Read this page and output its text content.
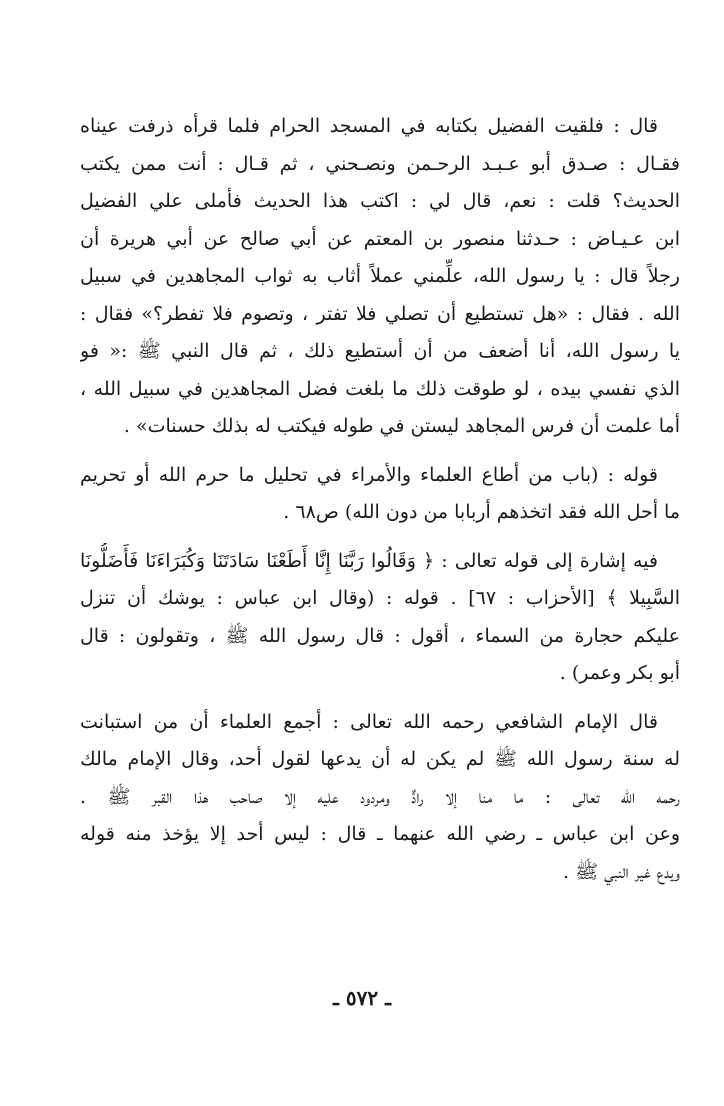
قال : فلقيت الفضيل بكتابه في المسجد الحرام فلما قرأه ذرفت عيناه
فقـال : صـدق أبو عـبـد الرحـمن ونصـحني ، ثم قـال : أنت ممن يكتب
الحديث؟ قلت : نعم، قال لي : اكتب هذا الحديث فأملى علي الفضيل
ابن عـيـاض : حـدثنا منصور بن المعتم عن أبي صالح عن أبي هريرة أن
رجلاً قال : يا رسول الله، علِّمني عملاً أثاب به ثواب المجاهدين في سبيل
الله . فقال : «هل تستطيع أن تصلي فلا تفتر ، وتصوم فلا تفطر؟» فقال :
يا رسول الله، أنا أضعف من أن أستطيع ذلك ، ثم قال النبي ﷺ :« فو
الذي نفسي بيده ، لو طوقت ذلك ما بلغت فضل المجاهدين في سبيل الله ،
أما علمت أن فرس المجاهد ليستن في طوله فيكتب له بذلك حسنات» .
قوله : (باب من أطاع العلماء والأمراء في تحليل ما حرم الله أو تحريم
ما أحل الله فقد اتخذهم أربابا من دون الله) ص٦٨ .
فيه إشارة إلى قوله تعالى : ﴿ وَقَالُوا رَبَّنَا إِنَّا أَطَعْنَا سَادَتَنَا وَكُبَرَاءَنَا فَأَضَلُّونَا
السَّبِيلا ﴾ [الأحزاب : ٦٧] . قوله : (وقال ابن عباس : يوشك أن تنزل
عليكم حجارة من السماء ، أقول : قال رسول الله ﷺ ، وتقولون : قال
أبو بكر وعمر) .
قال الإمام الشافعي رحمه الله تعالى : أجمع العلماء أن من استبانت
له سنة رسول الله ﷺ لم يكن له أن يدعها لقول أحد، وقال الإمام مالك
رحمه الله تعالى : ما منا إلا رادٌّ ومردود عليه إلا صاحب هذا القبر ﷺ .
وعن ابن عباس ـ رضي الله عنهما ـ قال : ليس أحد إلا يؤخذ منه قوله
ويدع غير النبي ﷺ .
ـ ٥٧٢ ـ
